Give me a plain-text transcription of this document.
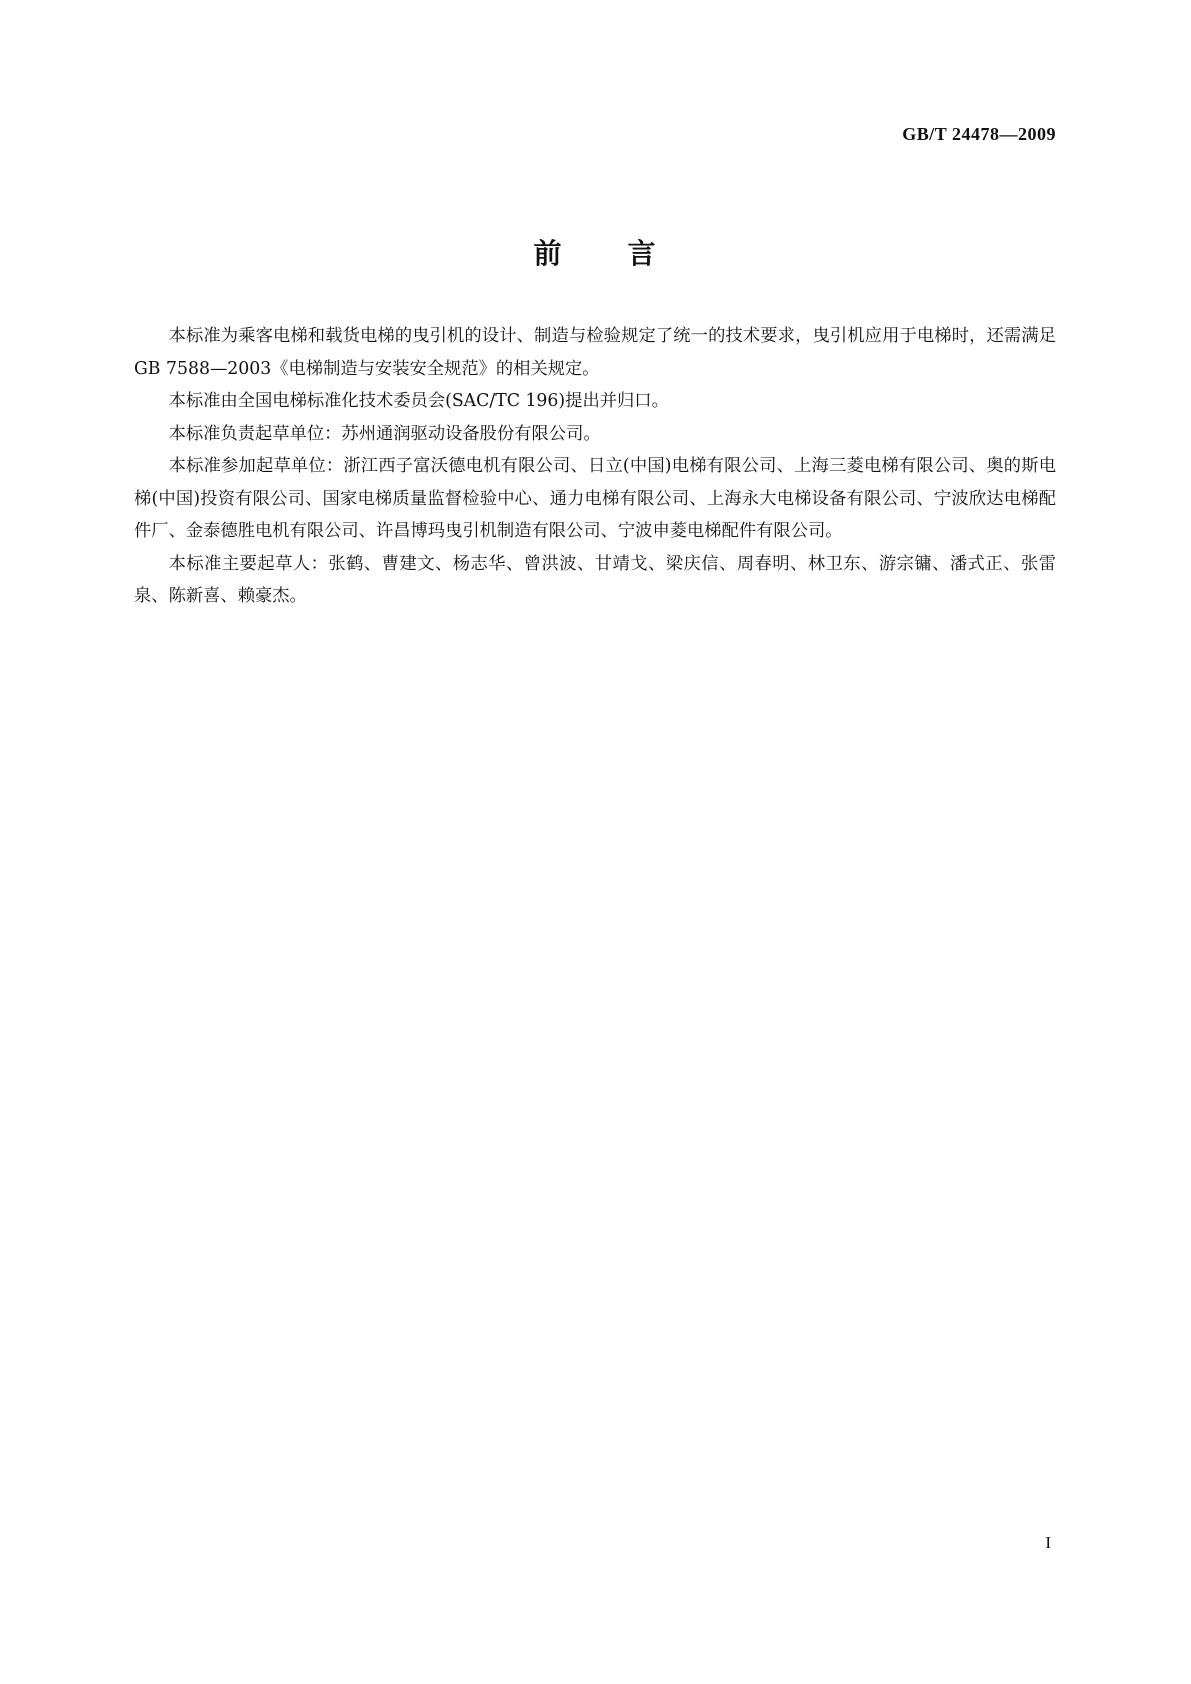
GB/T 24478—2009
前 言

本标准为乘客电梯和载货电梯的曳引机的设计、制造与检验规定了统一的技术要求，曳引机应用于电梯时，还需满足 GB 7588—2003《电梯制造与安装安全规范》的相关规定。

本标准由全国电梯标准化技术委员会(SAC/TC 196)提出并归口。

本标准负责起草单位：苏州通润驱动设备股份有限公司。

本标准参加起草单位：浙江西子富沃德电机有限公司、日立(中国)电梯有限公司、上海三菱电梯有限公司、奥的斯电梯(中国)投资有限公司、国家电梯质量监督检验中心、通力电梯有限公司、上海永大电梯设备有限公司、宁波欣达电梯配件厂、金泰德胜电机有限公司、许昌博玛曳引机制造有限公司、宁波申菱电梯配件有限公司。

本标准主要起草人：张鹤、曹建文、杨志华、曾洪波、甘靖戈、梁庆信、周春明、林卫东、游宗镛、潘式正、张雷泉、陈新喜、赖豪杰。

I
